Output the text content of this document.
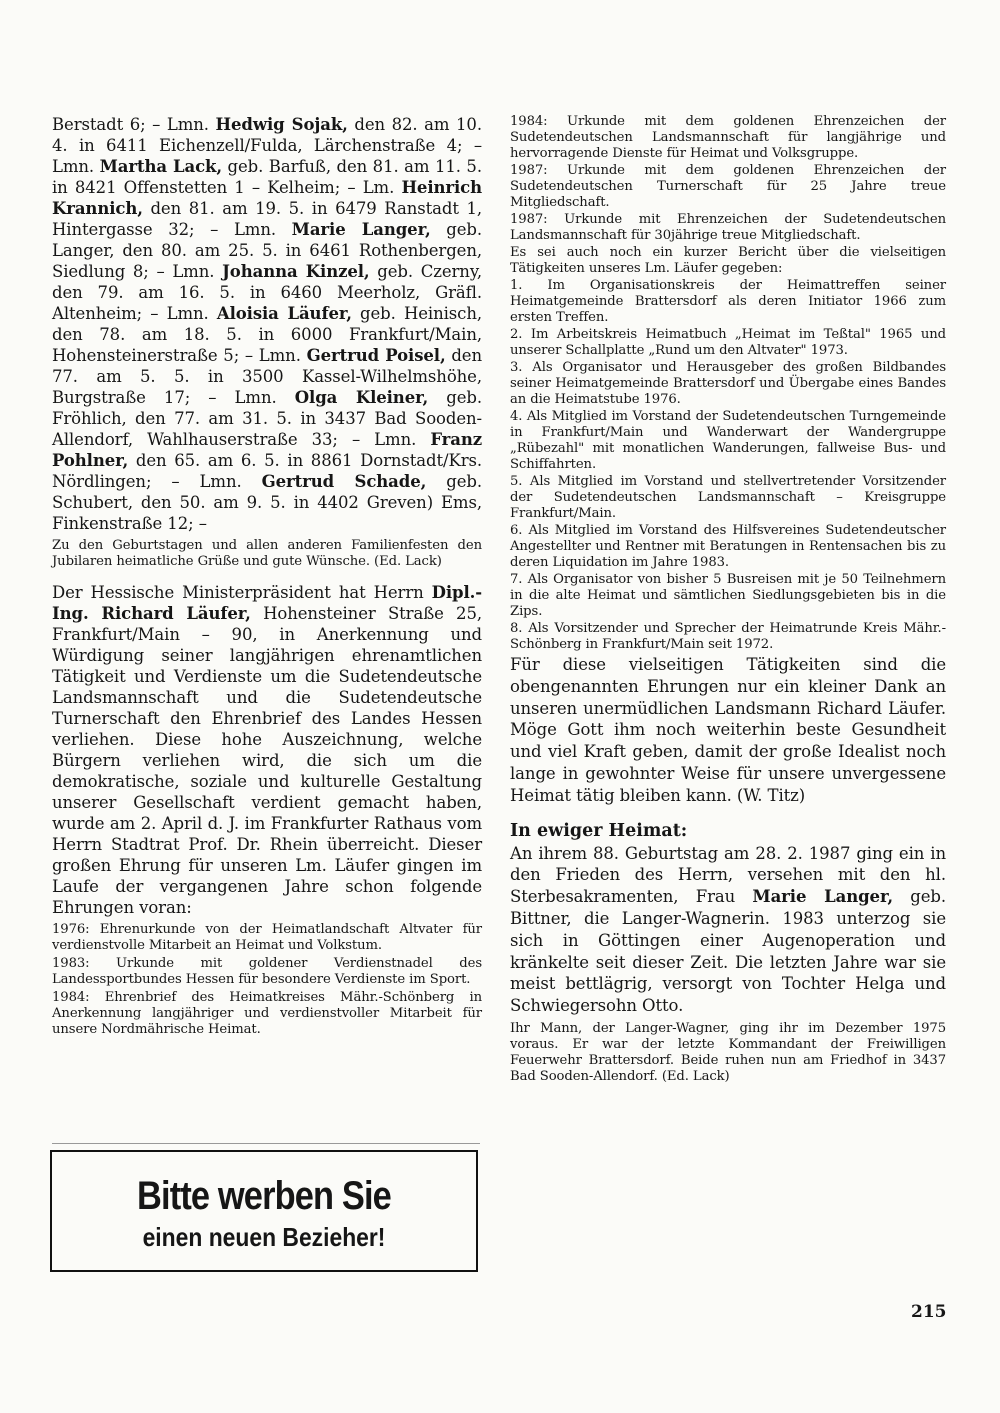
Berstadt 6; – Lmn. Hedwig Sojak, den 82. am 10. 4. in 6411 Eichenzell/Fulda, Lärchenstraße 4; – Lmn. Martha Lack, geb. Barfuß, den 81. am 11. 5. in 8421 Offenstetten 1 – Kelheim; – Lm. Heinrich Krannich, den 81. am 19. 5. in 6479 Ranstadt 1, Hintergasse 32; – Lmn. Marie Langer, geb. Langer, den 80. am 25. 5. in 6461 Rothenbergen, Siedlung 8; – Lmn. Johanna Kinzel, geb. Czerny, den 79. am 16. 5. in 6460 Meerholz, Gräfl. Altenheim; – Lmn. Aloisia Läufer, geb. Heinisch, den 78. am 18. 5. in 6000 Frankfurt/Main, Hohensteinerstraße 5; – Lmn. Gertrud Poisel, den 77. am 5. 5. in 3500 Kassel-Wilhelmshöhe, Burgstraße 17; – Lmn. Olga Kleiner, geb. Fröhlich, den 77. am 31. 5. in 3437 Bad Sooden-Allendorf, Wahlhauserstraße 33; – Lmn. Franz Pohlner, den 65. am 6. 5. in 8861 Dornstadt/Krs. Nördlingen; – Lmn. Gertrud Schade, geb. Schubert, den 50. am 9. 5. in 4402 Greven) Ems, Finkenstraße 12; –

Zu den Geburtstagen und allen anderen Familienfesten den Jubilaren heimatliche Grüße und gute Wünsche. (Ed. Lack)

Der Hessische Ministerpräsident hat Herrn Dipl.-Ing. Richard Läufer, Hohensteiner Straße 25, Frankfurt/Main – 90, in Anerkennung und Würdigung seiner langjährigen ehrenamtlichen Tätigkeit und Verdienste um die Sudetendeutsche Landsmannschaft und die Sudetendeutsche Turnerschaft den Ehrenbrief des Landes Hessen verliehen. Diese hohe Auszeichnung, welche Bürgern verliehen wird, die sich um die demokratische, soziale und kulturelle Gestaltung unserer Gesellschaft verdient gemacht haben, wurde am 2. April d. J. im Frankfurter Rathaus vom Herrn Stadtrat Prof. Dr. Rhein überreicht. Dieser großen Ehrung für unseren Lm. Läufer gingen im Laufe der vergangenen Jahre schon folgende Ehrungen voran:

1976: Ehrenurkunde von der Heimatlandschaft Altvater für verdienstvolle Mitarbeit an Heimat und Volkstum.

1983: Urkunde mit goldener Verdienstnadel des Landessportbundes Hessen für besondere Verdienste im Sport.

1984: Ehrenbrief des Heimatkreises Mähr.-Schönberg in Anerkennung langjähriger und verdienstvoller Mitarbeit für unsere Nordmährische Heimat.

Bitte werben Sie
einen neuen Bezieher!

1984: Urkunde mit dem goldenen Ehrenzeichen der Sudetendeutschen Landsmannschaft für langjährige und hervorragende Dienste für Heimat und Volksgruppe.

1987: Urkunde mit dem goldenen Ehrenzeichen der Sudetendeutschen Turnerschaft für 25 Jahre treue Mitgliedschaft.

1987: Urkunde mit Ehrenzeichen der Sudetendeutschen Landsmannschaft für 30jährige treue Mitgliedschaft.

Es sei auch noch ein kurzer Bericht über die vielseitigen Tätigkeiten unseres Lm. Läufer gegeben:

1. Im Organisationskreis der Heimattreffen seiner Heimatgemeinde Brattersdorf als deren Initiator 1966 zum ersten Treffen.

2. Im Arbeitskreis Heimatbuch „Heimat im Teßtal" 1965 und unserer Schallplatte „Rund um den Altvater" 1973.

3. Als Organisator und Herausgeber des großen Bildbandes seiner Heimatgemeinde Brattersdorf und Übergabe eines Bandes an die Heimatstube 1976.

4. Als Mitglied im Vorstand der Sudetendeutschen Turngemeinde in Frankfurt/Main und Wanderwart der Wandergruppe „Rübezahl" mit monatlichen Wanderungen, fallweise Bus- und Schiffahrten.

5. Als Mitglied im Vorstand und stellvertretender Vorsitzender der Sudetendeutschen Landsmannschaft – Kreisgruppe Frankfurt/Main.

6. Als Mitglied im Vorstand des Hilfsvereines Sudetendeutscher Angestellter und Rentner mit Beratungen in Rentensachen bis zu deren Liquidation im Jahre 1983.

7. Als Organisator von bisher 5 Busreisen mit je 50 Teilnehmern in die alte Heimat und sämtlichen Siedlungsgebieten bis in die Zips.

8. Als Vorsitzender und Sprecher der Heimatrunde Kreis Mähr.-Schönberg in Frankfurt/Main seit 1972.

Für diese vielseitigen Tätigkeiten sind die obengenannten Ehrungen nur ein kleiner Dank an unseren unermüdlichen Landsmann Richard Läufer. Möge Gott ihm noch weiterhin beste Gesundheit und viel Kraft geben, damit der große Idealist noch lange in gewohnter Weise für unsere unvergessene Heimat tätig bleiben kann. (W. Titz)

In ewiger Heimat:

An ihrem 88. Geburtstag am 28. 2. 1987 ging ein in den Frieden des Herrn, versehen mit den hl. Sterbesakramenten, Frau Marie Langer, geb. Bittner, die Langer-Wagnerin. 1983 unterzog sie sich in Göttingen einer Augenoperation und kränkelte seit dieser Zeit. Die letzten Jahre war sie meist bettlägrig, versorgt von Tochter Helga und Schwiegersohn Otto.

Ihr Mann, der Langer-Wagner, ging ihr im Dezember 1975 voraus. Er war der letzte Kommandant der Freiwilligen Feuerwehr Brattersdorf. Beide ruhen nun am Friedhof in 3437 Bad Sooden-Allendorf. (Ed. Lack)

215
